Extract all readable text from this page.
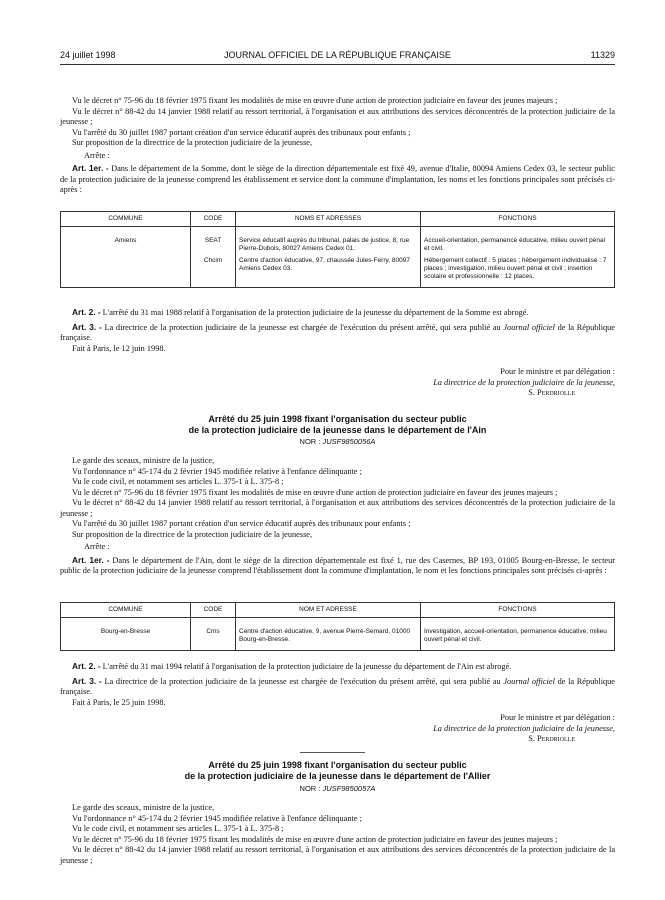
24 juillet 1998	JOURNAL OFFICIEL DE LA RÉPUBLIQUE FRANÇAISE	11329

Vu le décret n° 75-96 du 18 février 1975 fixant les modalités de mise en œuvre d'une action de protection judiciaire en faveur des jeunes majeurs ;

Vu le décret n° 88-42 du 14 janvier 1988 relatif au ressort territorial, à l'organisation et aux attributions des services déconcentrés de la protection judiciaire de la jeunesse ;

Vu l'arrêté du 30 juillet 1987 portant création d'un service éducatif auprès des tribunaux pour enfants ;

Sur proposition de la directrice de la protection judiciaire de la jeunesse,

Arrête :

Art. 1er. - Dans le département de la Somme, dont le siège de la direction départementale est fixé 49, avenue d'Italie, 80094 Amiens Cedex 03, le secteur public de la protection judiciaire de la jeunesse comprend les établissement et service dont la commune d'implantation, les noms et les fonctions principales sont précisés ci-après :

COMMUNE	CODE	NOMS ET ADRESSES	FONCTIONS
Amiens	SEAT	Service éducatif auprès du tribunal, palais de justice, 8, rue Pierre-Dubois, 80027 Amiens Cedex 01.	Accueil-orientation, permanence éducative, milieu ouvert pénal et civil.
	Chcim	Centre d'action éducative, 97, chaussée Jules-Ferry, 80097 Amiens Cedex 03.	Hébergement collectif : 5 places ; hébergement individualisé : 7 places ; investigation, milieu ouvert pénal et civil ; insertion scolaire et professionnelle : 12 places.

Art. 2. - L'arrêté du 31 mai 1988 relatif à l'organisation de la protection judiciaire de la jeunesse du département de la Somme est abrogé.

Art. 3. - La directrice de la protection judiciaire de la jeunesse est chargée de l'exécution du présent arrêté, qui sera publié au Journal officiel de la République française.

Fait à Paris, le 12 juin 1998.

Pour le ministre et par délégation :
La directrice de la protection judiciaire de la jeunesse,
S. Perdriolle
Arrêté du 25 juin 1998 fixant l'organisation du secteur public
de la protection judiciaire de la jeunesse dans le département de l'Ain
NOR : JUSF9850056A

Le garde des sceaux, ministre de la justice,

Vu l'ordonnance n° 45-174 du 2 février 1945 modifiée relative à l'enfance délinquante ;

Vu le code civil, et notamment ses articles L. 375-1 à L. 375-8 ;

Vu le décret n° 75-96 du 18 février 1975 fixant les modalités de mise en œuvre d'une action de protection judiciaire en faveur des jeunes majeurs ;

Vu le décret n° 88-42 du 14 janvier 1988 relatif au ressort territorial, à l'organisation et aux attributions des services déconcentrés de la protection judiciaire de la jeunesse ;

Vu l'arrêté du 30 juillet 1987 portant création d'un service éducatif auprès des tribunaux pour enfants ;

Sur proposition de la directrice de la protection judiciaire de la jeunesse,

Arrête :

Art. 1er. - Dans le département de l'Ain, dont le siège de la direction départementale est fixé 1, rue des Casernes, BP 193, 01005 Bourg-en-Bresse, le secteur public de la protection judiciaire de la jeunesse comprend l'établissement dont la commune d'implantation, le nom et les fonctions principales sont précisés ci-après :

COMMUNE	CODE	NOM ET ADRESSE	FONCTIONS
Bourg-en-Bresse	Cms	Centre d'action éducative, 9, avenue Pierre-Semard, 01000 Bourg-en-Bresse.	Investigation, accueil-orientation, permanence éducative, milieu ouvert pénal et civil.

Art. 2. - L'arrêté du 31 mai 1994 relatif à l'organisation de la protection judiciaire de la jeunesse du département de l'Ain est abrogé.

Art. 3. - La directrice de la protection judiciaire de la jeunesse est chargée de l'exécution du présent arrêté, qui sera publié au Journal officiel de la République française.

Fait à Paris, le 25 juin 1998.

Pour le ministre et par délégation :
La directrice de la protection judiciaire de la jeunesse,
S. Perdriolle
Arrêté du 25 juin 1998 fixant l'organisation du secteur public
de la protection judiciaire de la jeunesse dans le département de l'Allier
NOR : JUSF9850057A

Le garde des sceaux, ministre de la justice,

Vu l'ordonnance n° 45-174 du 2 février 1945 modifiée relative à l'enfance délinquante ;

Vu le code civil, et notamment ses articles L. 375-1 à L. 375-8 ;

Vu le décret n° 75-96 du 18 février 1975 fixant les modalités de mise en œuvre d'une action de protection judiciaire en faveur des jeunes majeurs ;

Vu le décret n° 88-42 du 14 janvier 1988 relatif au ressort territorial, à l'organisation et aux attributions des services déconcentrés de la protection judiciaire de la jeunesse ;
